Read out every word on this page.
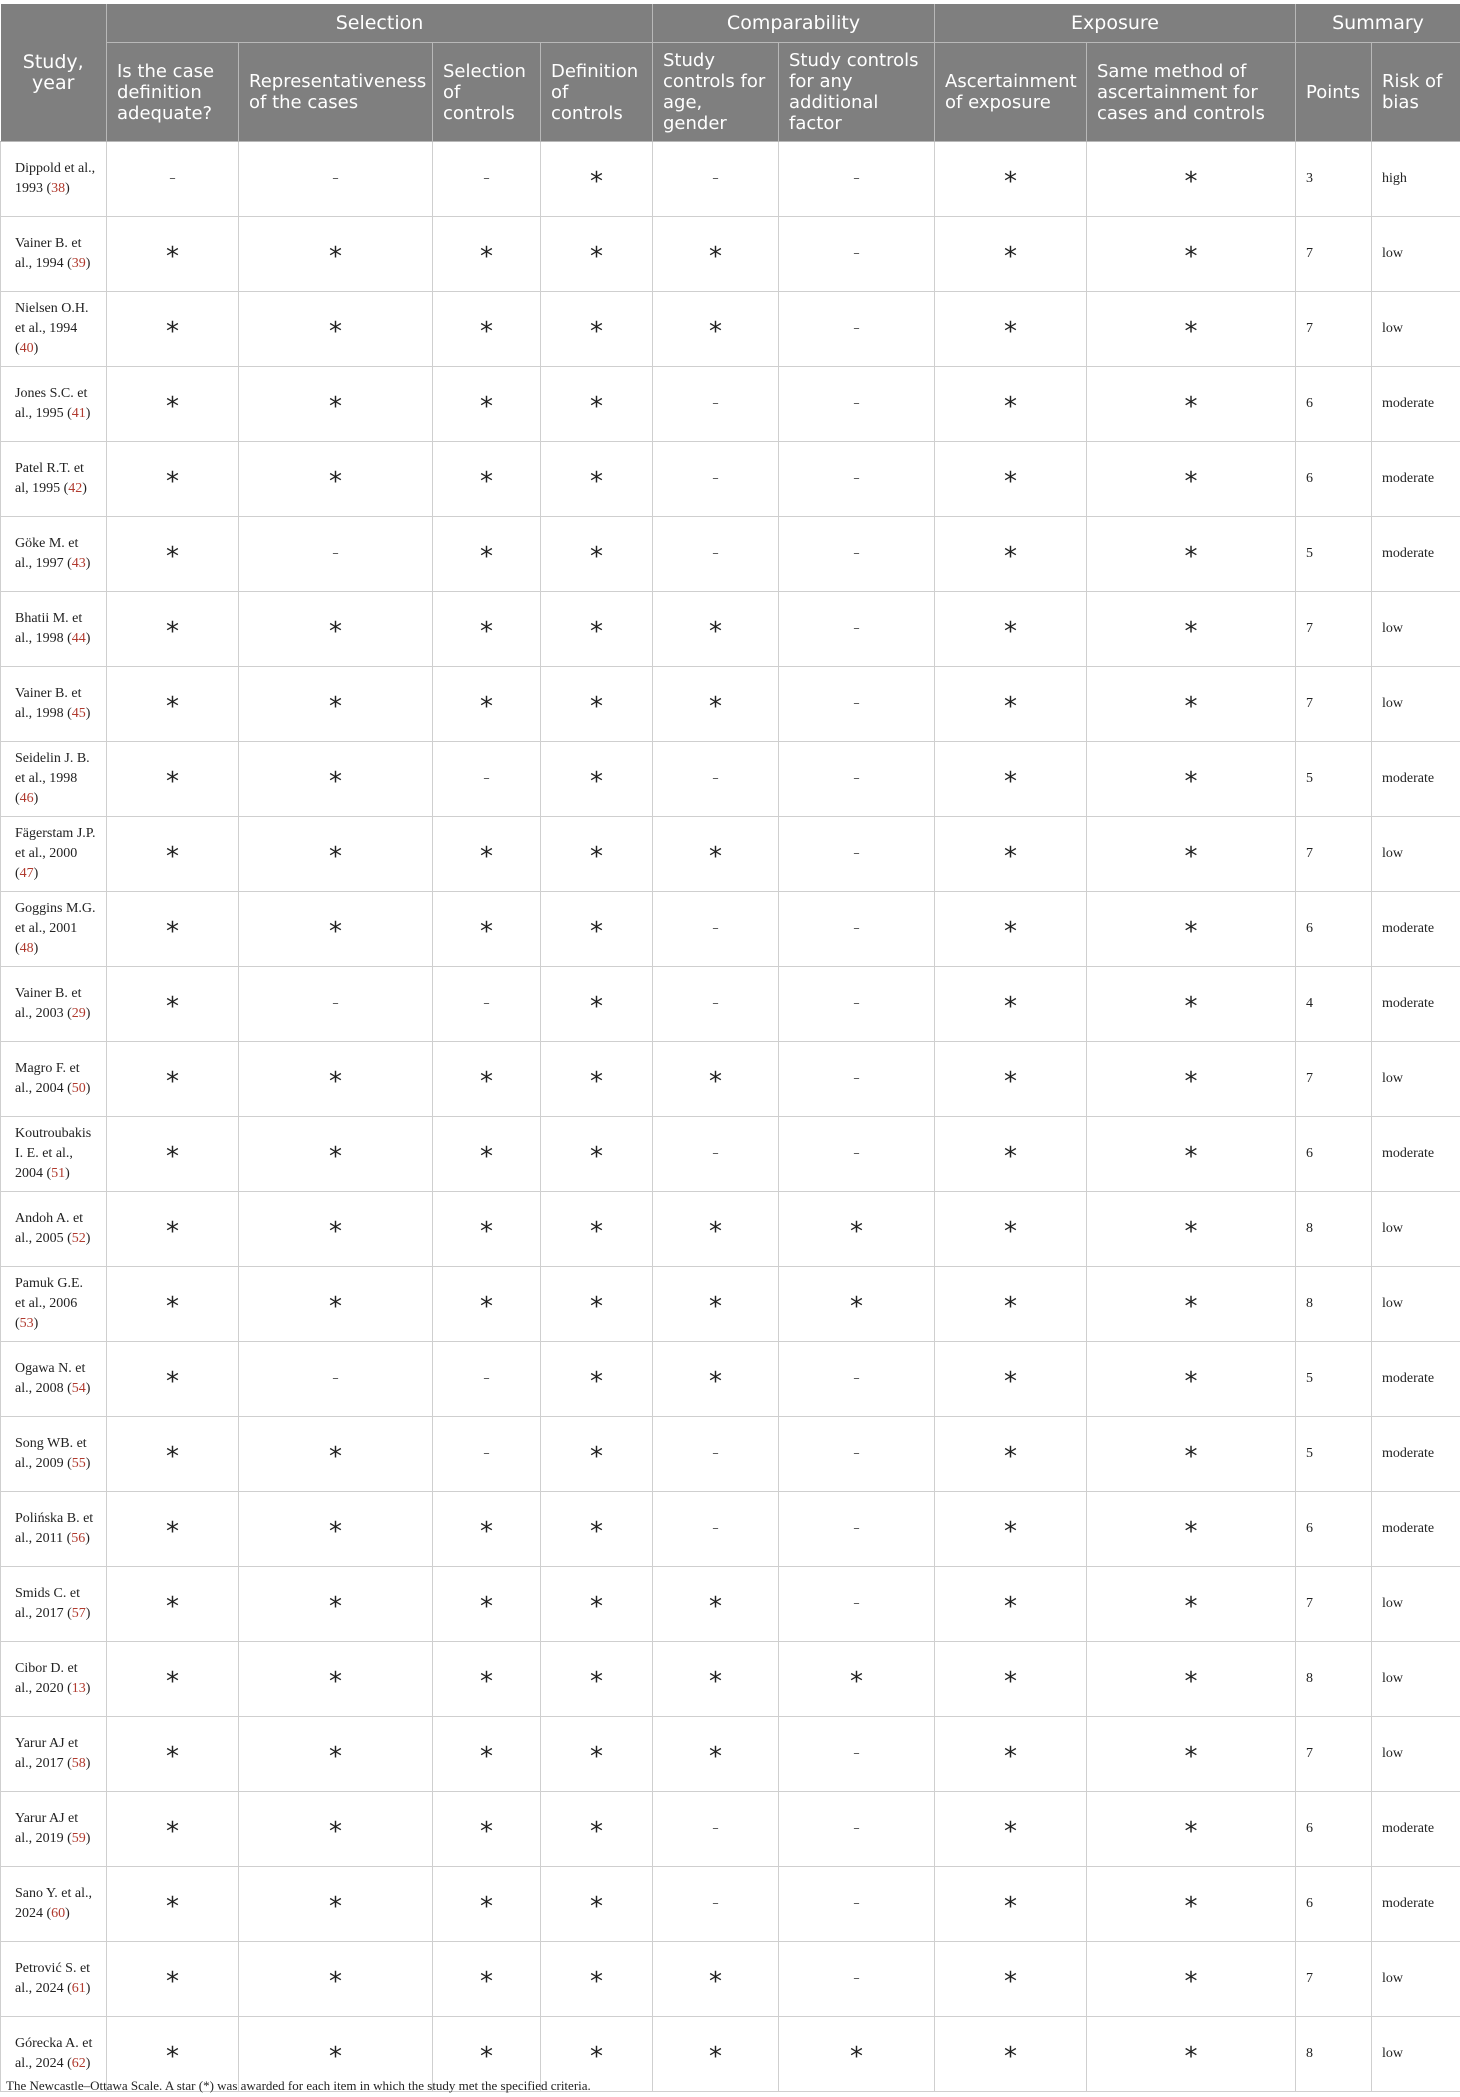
Study, year	Selection				Comparability		Exposure		Summary	
	Is the case definition adequate?	Representativeness of the cases	Selection of controls	Definition of controls	Study controls for age, gender	Study controls for any additional factor	Ascertainment of exposure	Same method of ascertainment for cases and controls	Points	Risk of bias
Dippold et al., 1993 (38)	–	–	–	*	–	–	*	*	3	high
Vainer B. et al., 1994 (39)	*	*	*	*	*	–	*	*	7	low
Nielsen O.H. et al., 1994 (40)	*	*	*	*	*	–	*	*	7	low
Jones S.C. et al., 1995 (41)	*	*	*	*	–	–	*	*	6	moderate
Patel R.T. et al, 1995 (42)	*	*	*	*	–	–	*	*	6	moderate
Göke M. et al., 1997 (43)	*	–	*	*	–	–	*	*	5	moderate
Bhatii M. et al., 1998 (44)	*	*	*	*	*	–	*	*	7	low
Vainer B. et al., 1998 (45)	*	*	*	*	*	–	*	*	7	low
Seidelin J. B. et al., 1998 (46)	*	*	–	*	–	–	*	*	5	moderate
Fägerstam J.P. et al., 2000 (47)	*	*	*	*	*	–	*	*	7	low
Goggins M.G. et al., 2001 (48)	*	*	*	*	–	–	*	*	6	moderate
Vainer B. et al., 2003 (29)	*	–	–	*	–	–	*	*	4	moderate
Magro F. et al., 2004 (50)	*	*	*	*	*	–	*	*	7	low
Koutroubakis I. E. et al., 2004 (51)	*	*	*	*	–	–	*	*	6	moderate
Andoh A. et al., 2005 (52)	*	*	*	*	*	*	*	*	8	low
Pamuk G.E. et al., 2006 (53)	*	*	*	*	*	*	*	*	8	low
Ogawa N. et al., 2008 (54)	*	–	–	*	*	–	*	*	5	moderate
Song WB. et al., 2009 (55)	*	*	–	*	–	–	*	*	5	moderate
Polińska B. et al., 2011 (56)	*	*	*	*	–	–	*	*	6	moderate
Smids C. et al., 2017 (57)	*	*	*	*	*	–	*	*	7	low
Cibor D. et al., 2020 (13)	*	*	*	*	*	*	*	*	8	low
Yarur AJ et al., 2017 (58)	*	*	*	*	*	–	*	*	7	low
Yarur AJ et al., 2019 (59)	*	*	*	*	–	–	*	*	6	moderate
Sano Y. et al., 2024 (60)	*	*	*	*	–	–	*	*	6	moderate
Petrović S. et al., 2024 (61)	*	*	*	*	*	–	*	*	7	low
Górecka A. et al., 2024 (62)	*	*	*	*	*	*	*	*	8	low
The Newcastle–Ottawa Scale. A star (*) was awarded for each item in which the study met the specified criteria.
